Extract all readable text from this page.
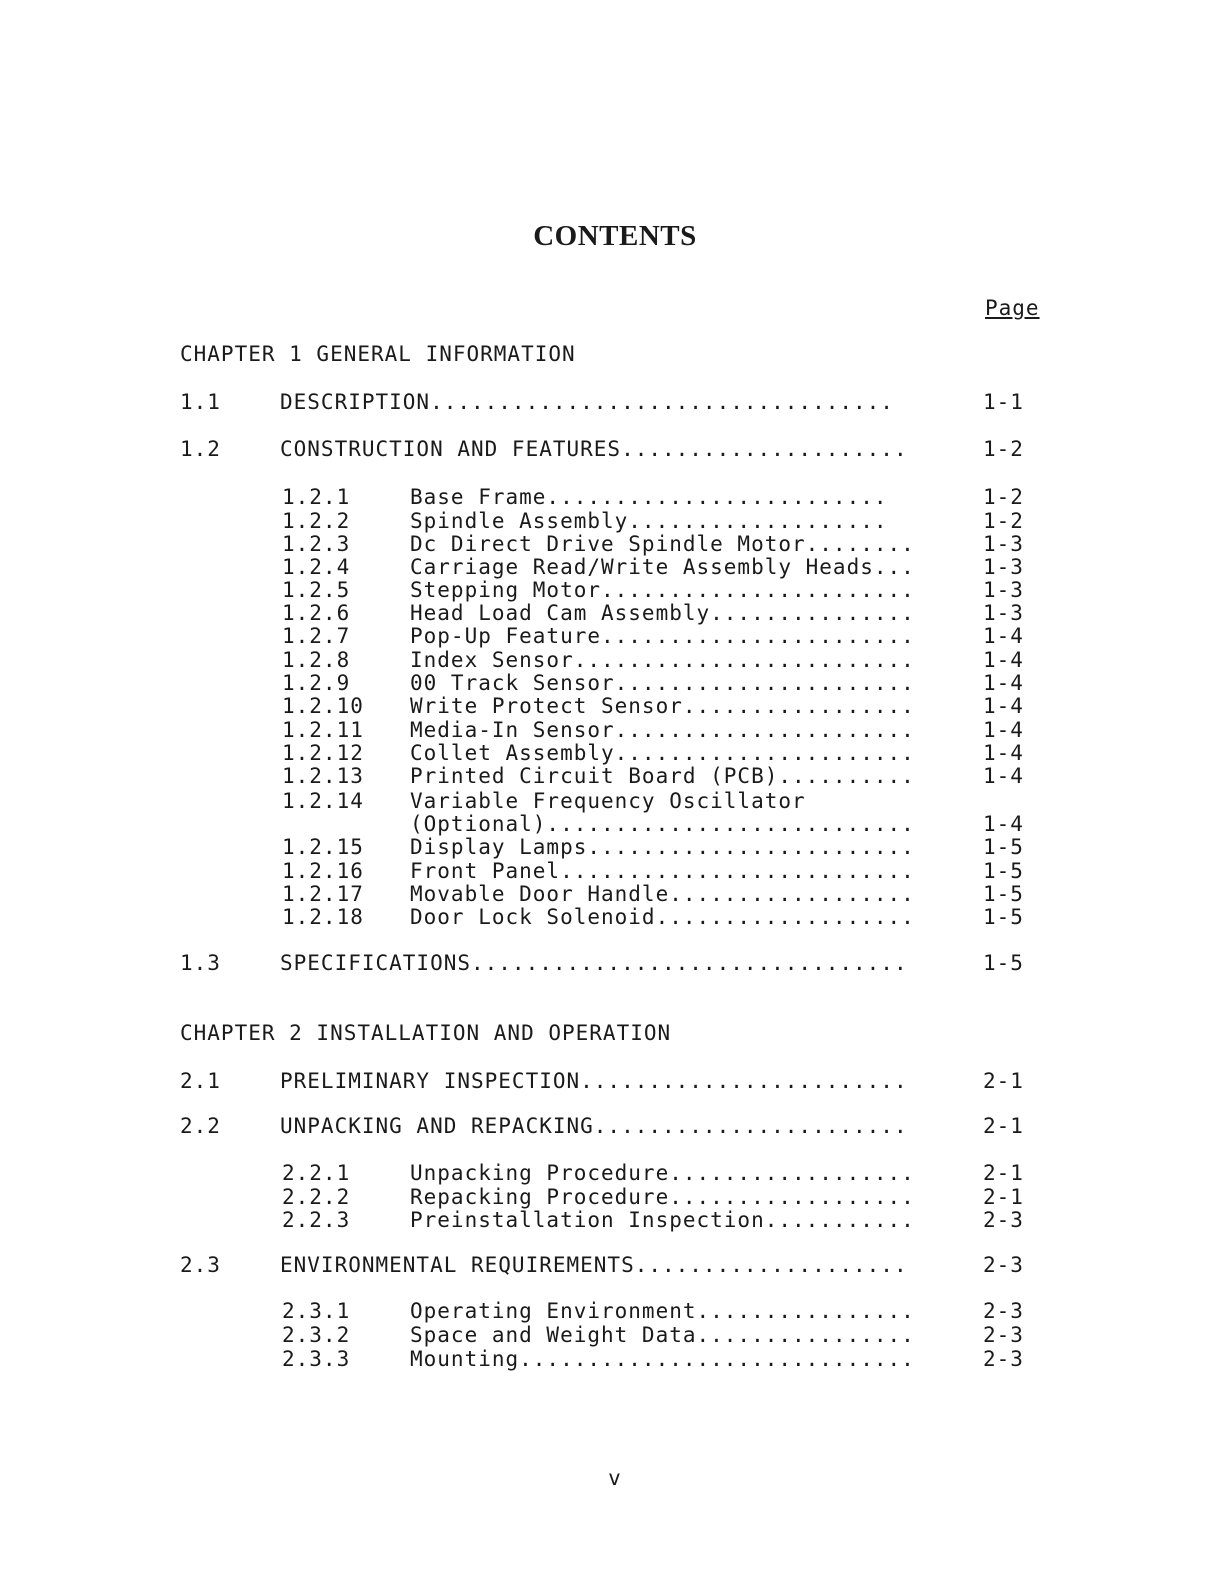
CONTENTS
Page
CHAPTER 1 GENERAL INFORMATION
1.1	DESCRIPTION..................................	1-1
1.2	CONSTRUCTION AND FEATURES.....................	1-2
1.2.1	Base Frame.........................	1-2
1.2.2	Spindle Assembly...................	1-2
1.2.3	Dc Direct Drive Spindle Motor........	1-3
1.2.4	Carriage Read/Write Assembly Heads...	1-3
1.2.5	Stepping Motor.......................	1-3
1.2.6	Head Load Cam Assembly...............	1-3
1.2.7	Pop-Up Feature.......................	1-4
1.2.8	Index Sensor.........................	1-4
1.2.9	00 Track Sensor......................	1-4
1.2.10 Write Protect Sensor.................	1-4
1.2.11 Media-In Sensor......................	1-4
1.2.12 Collet Assembly......................	1-4
1.2.13 Printed Circuit Board (PCB)..........	1-4
1.2.14 Variable Frequency Oscillator
(Optional)...........................	1-4
1.2.15 Display Lamps........................	1-5
1.2.16 Front Panel..........................	1-5
1.2.17 Movable Door Handle..................	1-5
1.2.18 Door Lock Solenoid...................	1-5
1.3	SPECIFICATIONS................................	1-5
CHAPTER 2 INSTALLATION AND OPERATION
2.1	PRELIMINARY INSPECTION........................	2-1
2.2	UNPACKING AND REPACKING.......................	2-1
2.2.1	Unpacking Procedure..................	2-1
2.2.2	Repacking Procedure..................	2-1
2.2.3	Preinstallation Inspection...........	2-3
2.3	ENVIRONMENTAL REQUIREMENTS....................	2-3
2.3.1	Operating Environment................	2-3
2.3.2	Space and Weight Data................	2-3
2.3.3	Mounting.............................	2-3
v
